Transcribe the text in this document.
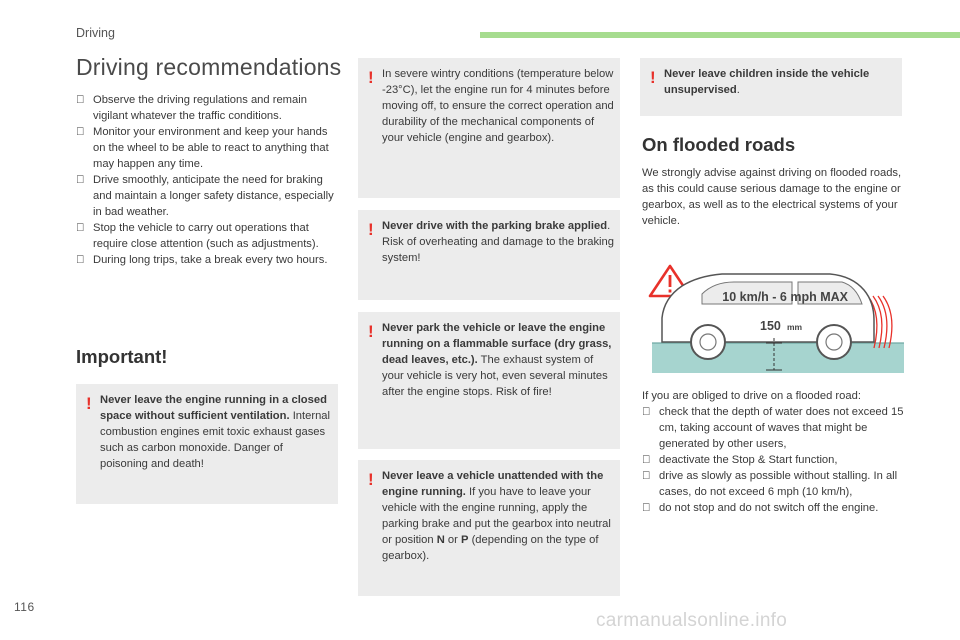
Driving
Driving recommendations
Observe the driving regulations and remain vigilant whatever the traffic conditions.
Monitor your environment and keep your hands on the wheel to be able to react to anything that may happen any time.
Drive smoothly, anticipate the need for braking and maintain a longer safety distance, especially in bad weather.
Stop the vehicle to carry out operations that require close attention (such as adjustments).
During long trips, take a break every two hours.
Important!
! Never leave the engine running in a closed space without sufficient ventilation. Internal combustion engines emit toxic exhaust gases such as carbon monoxide. Danger of poisoning and death!
! In severe wintry conditions (temperature below -23°C), let the engine run for 4 minutes before moving off, to ensure the correct operation and durability of the mechanical components of your vehicle (engine and gearbox).
! Never drive with the parking brake applied. Risk of overheating and damage to the braking system!
! Never park the vehicle or leave the engine running on a flammable surface (dry grass, dead leaves, etc.). The exhaust system of your vehicle is very hot, even several minutes after the engine stops. Risk of fire!
! Never leave a vehicle unattended with the engine running. If you have to leave your vehicle with the engine running, apply the parking brake and put the gearbox into neutral or position N or P (depending on the type of gearbox).
! Never leave children inside the vehicle unsupervised.
On flooded roads
We strongly advise against driving on flooded roads, as this could cause serious damage to the engine or gearbox, as well as to the electrical systems of your vehicle.
10 km/h - 6 mph MAX
150 mm
If you are obliged to drive on a flooded road:
check that the depth of water does not exceed 15 cm, taking account of waves that might be generated by other users,
deactivate the Stop & Start function,
drive as slowly as possible without stalling. In all cases, do not exceed 6 mph (10 km/h),
do not stop and do not switch off the engine.
116
carmanualsonline.info
